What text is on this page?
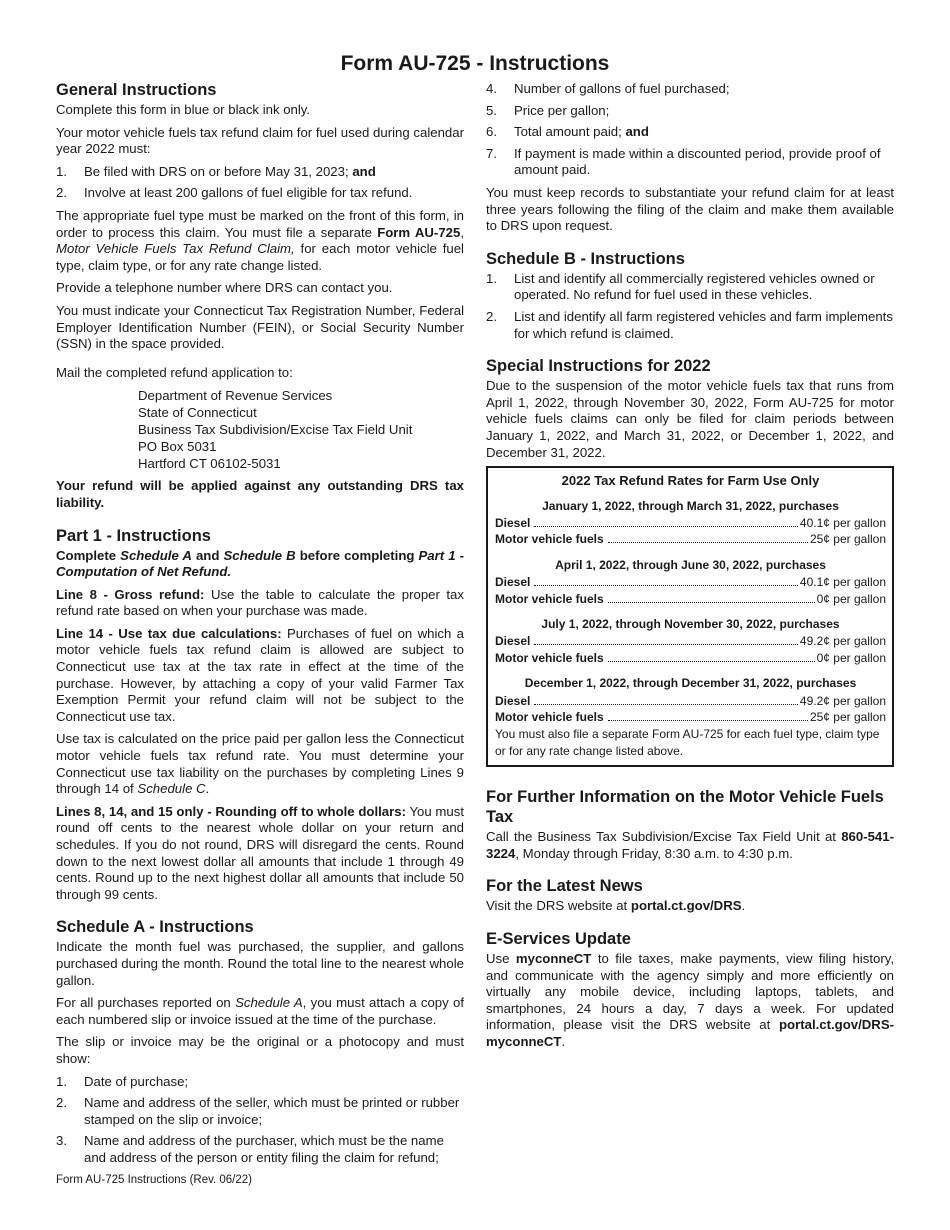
Form AU-725 - Instructions
General Instructions

Complete this form in blue or black ink only.

Your motor vehicle fuels tax refund claim for fuel used during calendar year 2022 must:

1.	Be filed with DRS on or before May 31, 2023; and
2.	Involve at least 200 gallons of fuel eligible for tax refund.

The appropriate fuel type must be marked on the front of this form, in order to process this claim. You must file a separate Form AU-725, Motor Vehicle Fuels Tax Refund Claim, for each motor vehicle fuel type, claim type, or for any rate change listed.

Provide a telephone number where DRS can contact you.

You must indicate your Connecticut Tax Registration Number, Federal Employer Identification Number (FEIN), or Social Security Number (SSN) in the space provided.

Mail the completed refund application to:

Department of Revenue Services
State of Connecticut
Business Tax Subdivision/Excise Tax Field Unit
PO Box 5031
Hartford CT 06102-5031

Your refund will be applied against any outstanding DRS tax liability.

Part 1 - Instructions

Complete Schedule A and Schedule B before completing Part 1 - Computation of Net Refund.

Line 8 - Gross refund: Use the table to calculate the proper tax refund rate based on when your purchase was made.

Line 14 - Use tax due calculations: Purchases of fuel on which a motor vehicle fuels tax refund claim is allowed are subject to Connecticut use tax at the tax rate in effect at the time of the purchase. However, by attaching a copy of your valid Farmer Tax Exemption Permit your refund claim will not be subject to the Connecticut use tax.

Use tax is calculated on the price paid per gallon less the Connecticut motor vehicle fuels tax refund rate. You must determine your Connecticut use tax liability on the purchases by completing Lines 9 through 14 of Schedule C.

Lines 8, 14, and 15 only - Rounding off to whole dollars: You must round off cents to the nearest whole dollar on your return and schedules. If you do not round, DRS will disregard the cents. Round down to the next lowest dollar all amounts that include 1 through 49 cents. Round up to the next highest dollar all amounts that include 50 through 99 cents.

Schedule A - Instructions

Indicate the month fuel was purchased, the supplier, and gallons purchased during the month. Round the total line to the nearest whole gallon.

For all purchases reported on Schedule A, you must attach a copy of each numbered slip or invoice issued at the time of the purchase.

The slip or invoice may be the original or a photocopy and must show:

1.	Date of purchase;
2.	Name and address of the seller, which must be printed or rubber stamped on the slip or invoice;
3.	Name and address of the purchaser, which must be the name and address of the person or entity filing the claim for refund;
4.	Number of gallons of fuel purchased;
5.	Price per gallon;
6.	Total amount paid; and
7.	If payment is made within a discounted period, provide proof of amount paid.

You must keep records to substantiate your refund claim for at least three years following the filing of the claim and make them available to DRS upon request.

Schedule B - Instructions
1.	List and identify all commercially registered vehicles owned or operated. No refund for fuel used in these vehicles.
2.	List and identify all farm registered vehicles and farm implements for which refund is claimed.
Special Instructions for 2022

Due to the suspension of the motor vehicle fuels tax that runs from April 1, 2022, through November 30, 2022, Form AU-725 for motor vehicle fuels claims can only be filed for claim periods between January 1, 2022, and March 31, 2022, or December 1, 2022, and December 31, 2022.

2022 Tax Refund Rates for Farm Use Only
January 1, 2022, through March 31, 2022, purchases
Diesel	40.1¢ per gallon
Motor vehicle fuels	25¢ per gallon
April 1, 2022, through June 30, 2022, purchases
Diesel	40.1¢ per gallon
Motor vehicle fuels	0¢ per gallon
July 1, 2022, through November 30, 2022, purchases
Diesel	49.2¢ per gallon
Motor vehicle fuels	0¢ per gallon
December 1, 2022, through December 31, 2022, purchases
Diesel	49.2¢ per gallon
Motor vehicle fuels	25¢ per gallon
You must also file a separate Form AU-725 for each fuel type, claim type or for any rate change listed above.
For Further Information on the Motor Vehicle Fuels Tax

Call the Business Tax Subdivision/Excise Tax Field Unit at 860-541-3224, Monday through Friday, 8:30 a.m. to 4:30 p.m.

For the Latest News

Visit the DRS website at portal.ct.gov/DRS.

E-Services Update

Use myconneCT to file taxes, make payments, view filing history, and communicate with the agency simply and more efficiently on virtually any mobile device, including laptops, tablets, and smartphones, 24 hours a day, 7 days a week. For updated information, please visit the DRS website at portal.ct.gov/DRS-myconneCT.

Form AU-725 Instructions (Rev. 06/22)
